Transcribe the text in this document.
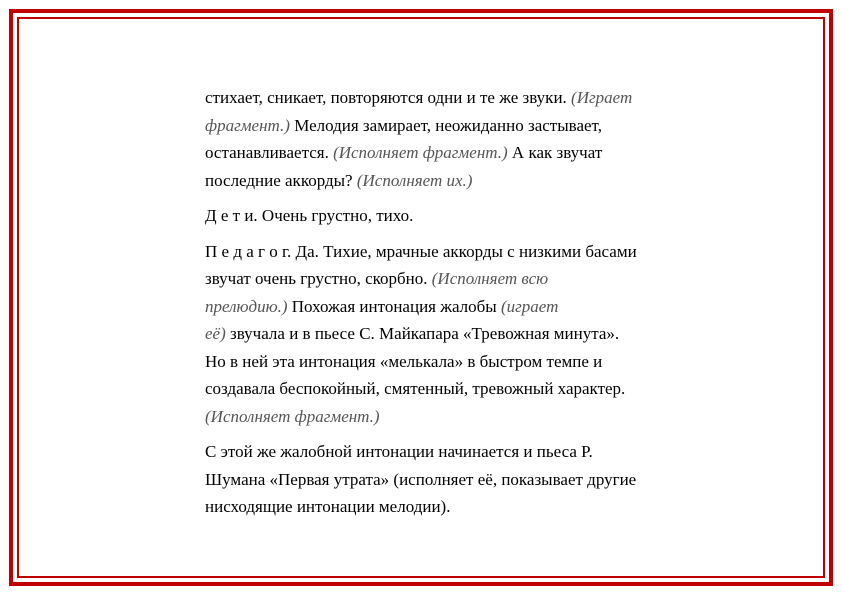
стихает, сникает, повторяются одни и те же звуки. (Играет
фрагмент.) Мелодия замирает, неожиданно застывает,
останавливается. (Исполняет фрагмент.) А как звучат
последние аккорды? (Исполняет их.)

Д е т и. Очень грустно, тихо.

П е д а г о г. Да. Тихие, мрачные аккорды с низкими басами
звучат очень грустно, скорбно. (Исполняет всю
прелюдию.) Похожая интонация жалобы (играет
её) звучала и в пьесе С. Майкапара «Тревожная минута».
Но в ней эта интонация «мелькала» в быстром темпе и
создавала беспокойный, смятенный, тревожный характер.
(Исполняет фрагмент.)

С этой же жалобной интонации начинается и пьеса Р.
Шумана «Первая утрата» (исполняет её, показывает другие
нисходящие интонации мелодии).
